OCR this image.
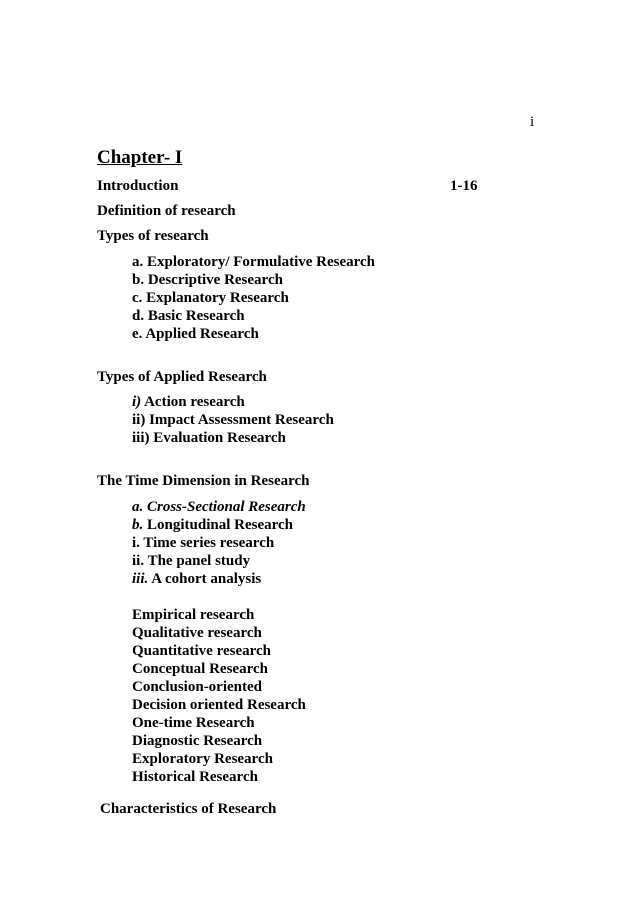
i
Chapter- I
Introduction	1-16
Definition of research
Types of research
a. Exploratory/ Formulative Research
b. Descriptive Research
c. Explanatory Research
d. Basic Research
e. Applied Research
Types of Applied Research
i) Action research
ii) Impact Assessment Research
iii) Evaluation Research
The Time Dimension in Research
a. Cross-Sectional Research
b. Longitudinal Research
i. Time series research
ii. The panel study
iii. A cohort analysis
Empirical research
Qualitative research
Quantitative research
Conceptual Research
Conclusion-oriented
Decision oriented Research
One-time Research
Diagnostic Research
Exploratory Research
Historical Research
Characteristics of Research
